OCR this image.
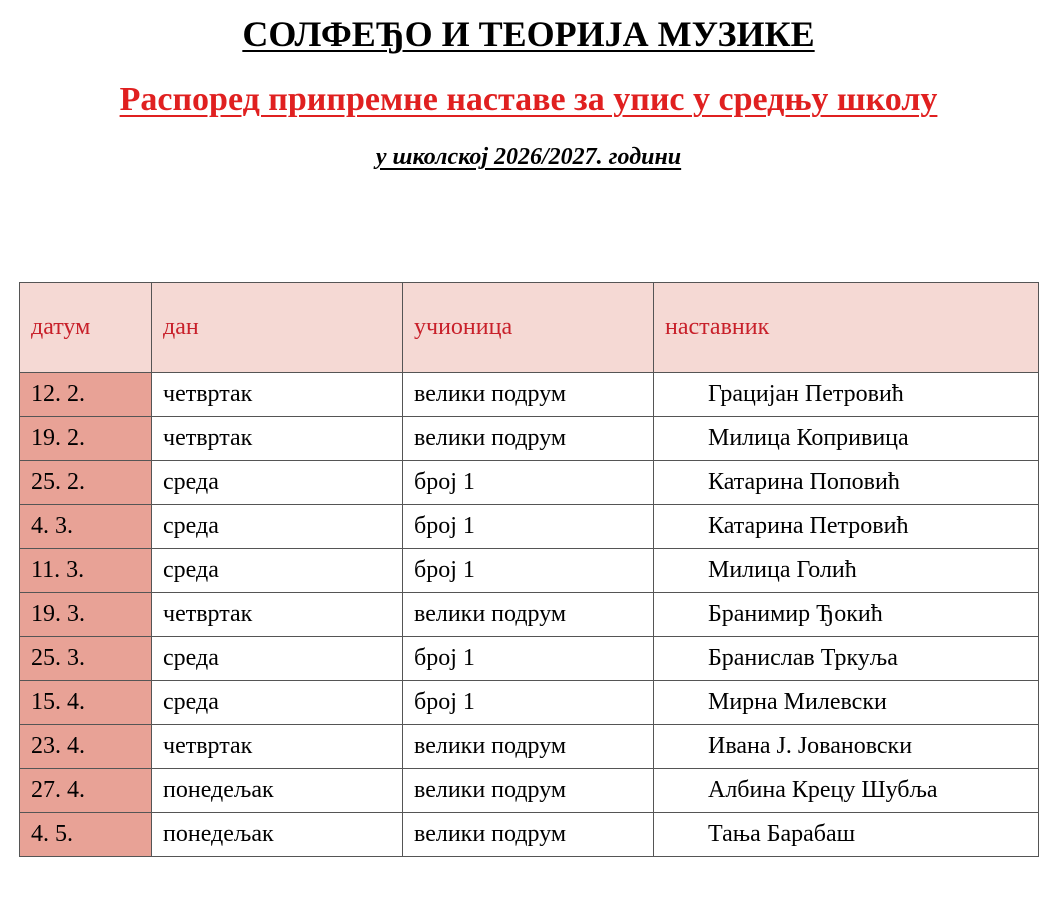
СОЛФЕЂО И ТЕОРИЈА МУЗИКЕ
Распоред припремне наставе за упис у средњу школу
у школској 2026/2027. години
датум	дан	учионица	наставник
12. 2.	четвртак	велики подрум	Грацијан Петровић
19. 2.	четвртак	велики подрум	Милица Копривица
25. 2.	среда	број 1	Катарина Поповић
4. 3.	среда	број 1	Катарина Петровић
11. 3.	среда	број 1	Милица Голић
19. 3.	четвртак	велики подрум	Бранимир Ђокић
25. 3.	среда	број 1	Бранислав Тркуља
15. 4.	среда	број 1	Мирна Милевски
23. 4.	четвртак	велики подрум	Ивана Ј. Јовановски
27. 4.	понедељак	велики подрум	Албина Крецу Шубља
4. 5.	понедељак	велики подрум	Тања Барабаш
